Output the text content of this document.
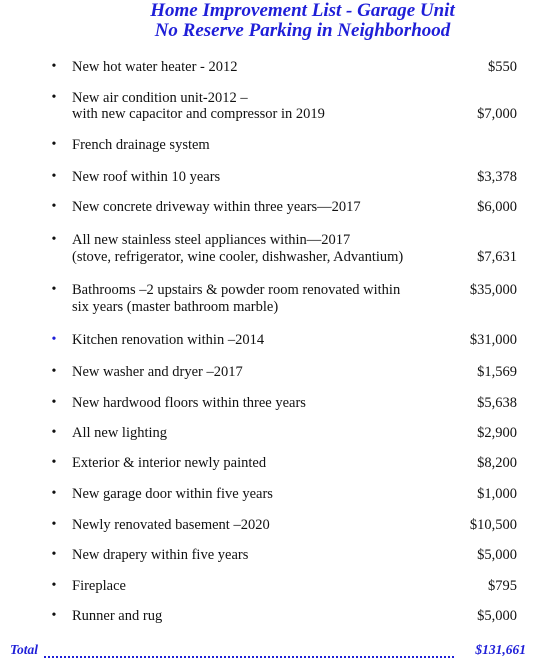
Home Improvement List - Garage Unit
No Reserve Parking in Neighborhood
• New hot water heater - 2012	$550
• New air condition unit-2012 –
with new capacitor and compressor in 2019	$7,000
• French drainage system
• New roof within 10 years	$3,378
• New concrete driveway within three years—2017	$6,000
• All new stainless steel appliances within—2017
(stove, refrigerator, wine cooler, dishwasher, Advantium)	$7,631
• Bathrooms –2 upstairs & powder room renovated within
six years (master bathroom marble)
$35,000
• Kitchen renovation within –2014	$31,000
• New washer and dryer –2017	$1,569
• New hardwood floors within three years	$5,638
• All new lighting	$2,900
• Exterior & interior newly painted	$8,200
• New garage door within five years	$1,000
• Newly renovated basement –2020	$10,500
• New drapery within five years	$5,000
• Fireplace	$795
• Runner and rug	$5,000
Total	$131,661
